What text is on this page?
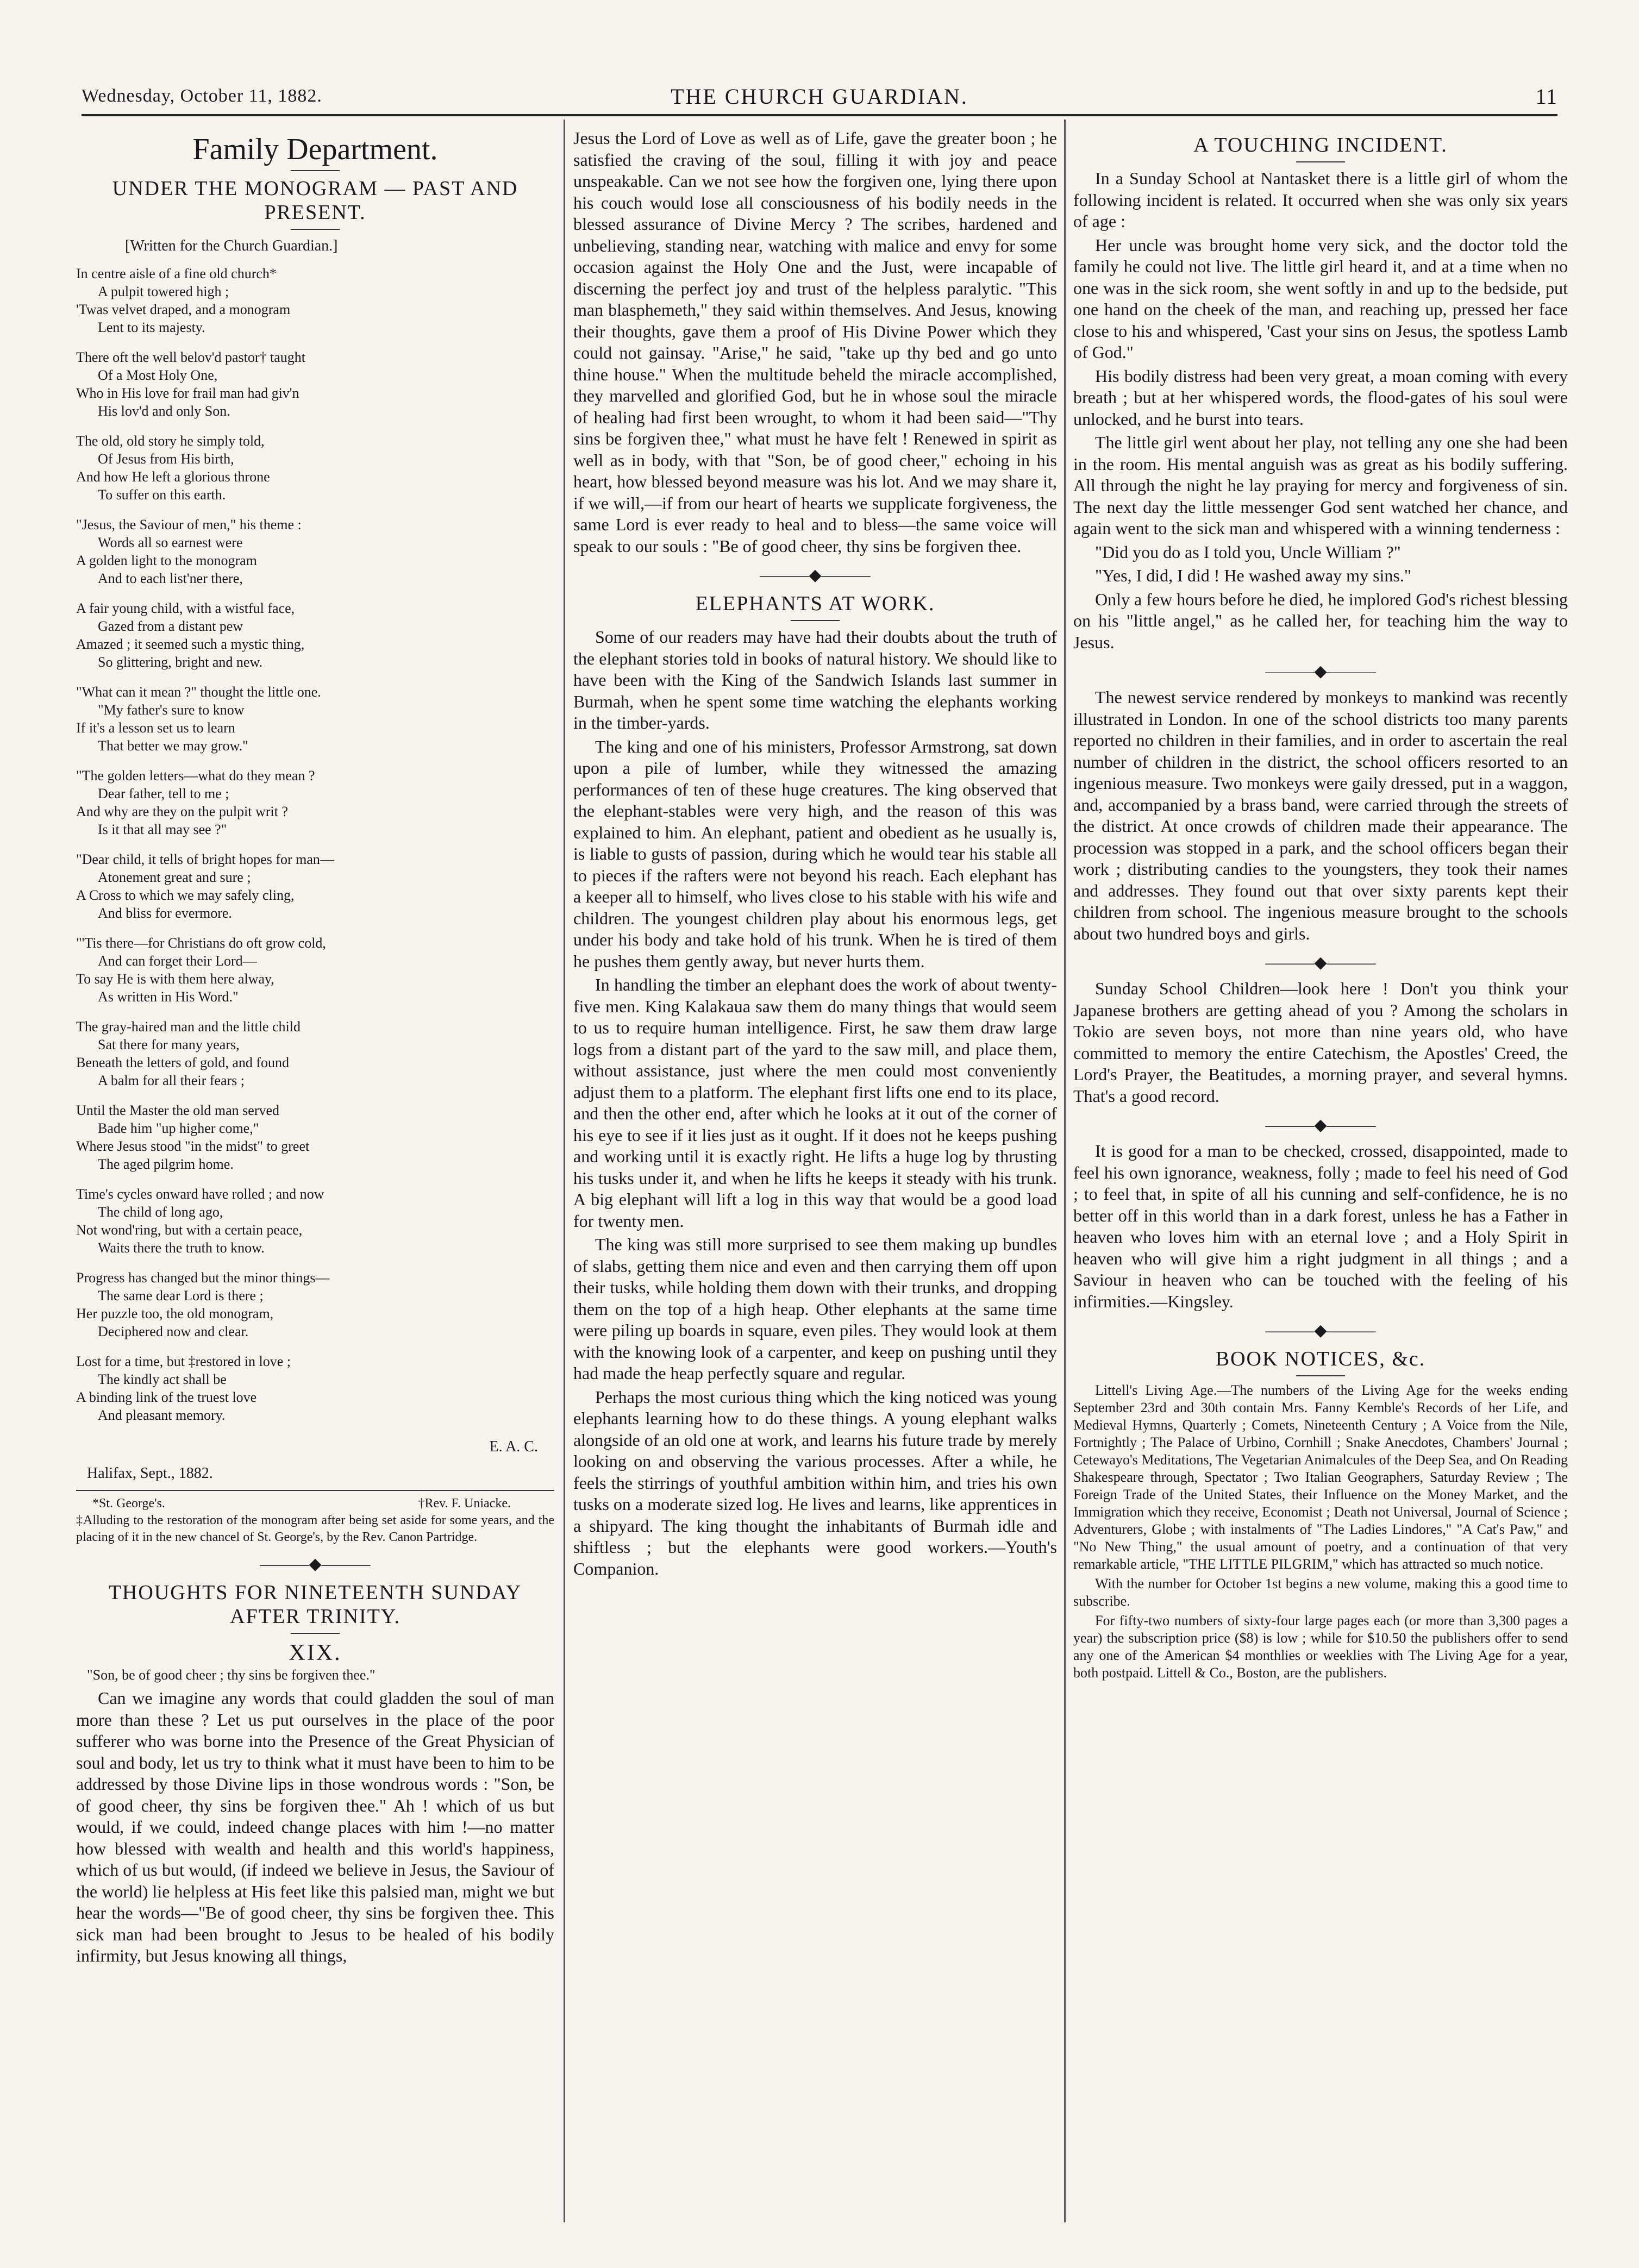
Wednesday, October 11, 1882.	THE CHURCH GUARDIAN.	11
Family Department.
UNDER THE MONOGRAM — PAST AND PRESENT.
[Written for the Church Guardian.]
In centre aisle of a fine old church*
A pulpit towered high ;
'Twas velvet draped, and a monogram
Lent to its majesty.
There oft the well belov'd pastor† taught
Of a Most Holy One,
Who in His love for frail man had giv'n
His lov'd and only Son.
The old, old story he simply told,
Of Jesus from His birth,
And how He left a glorious throne
To suffer on this earth.
"Jesus, the Saviour of men," his theme :
Words all so earnest were
A golden light to the monogram
And to each list'ner there,
A fair young child, with a wistful face,
Gazed from a distant pew
Amazed ; it seemed such a mystic thing,
So glittering, bright and new.
"What can it mean ?" thought the little one.
"My father's sure to know
If it's a lesson set us to learn
That better we may grow."
"The golden letters—what do they mean ?
Dear father, tell to me ;
And why are they on the pulpit writ ?
Is it that all may see ?"
"Dear child, it tells of bright hopes for man—
Atonement great and sure ;
A Cross to which we may safely cling,
And bliss for evermore.
"'Tis there—for Christians do oft grow cold,
And can forget their Lord—
To say He is with them here alway,
As written in His Word."
The gray-haired man and the little child
Sat there for many years,
Beneath the letters of gold, and found
A balm for all their fears ;
Until the Master the old man served
Bade him "up higher come,"
Where Jesus stood "in the midst" to greet
The aged pilgrim home.
Time's cycles onward have rolled ; and now
The child of long ago,
Not wond'ring, but with a certain peace,
Waits there the truth to know.
Progress has changed but the minor things—
The same dear Lord is there ;
Her puzzle too, the old monogram,
Deciphered now and clear.
Lost for a time, but ‡restored in love ;
The kindly act shall be
A binding link of the truest love
And pleasant memory.
E. A. C.
Halifax, Sept., 1882.
*St. George's.	†Rev. F. Uniacke.
‡Alluding to the restoration of the monogram after being set aside for some years, and the placing of it in the new chancel of St. George's, by the Rev. Canon Partridge.
———◆———
THOUGHTS FOR NINETEENTH SUNDAY AFTER TRINITY.
XIX.
"Son, be of good cheer ; thy sins be forgiven thee."

Can we imagine any words that could gladden the soul of man more than these ? Let us put ourselves in the place of the poor sufferer who was borne into the Presence of the Great Physician of soul and body, let us try to think what it must have been to him to be addressed by those Divine lips in those wondrous words : "Son, be of good cheer, thy sins be forgiven thee." Ah ! which of us but would, if we could, indeed change places with him !—no matter how blessed with wealth and health and this world's happiness, which of us but would, (if indeed we believe in Jesus, the Saviour of the world) lie helpless at His feet like this palsied man, might we but hear the words—"Be of good cheer, thy sins be forgiven thee. This sick man had been brought to Jesus to be healed of his bodily infirmity, but Jesus knowing all things,

Jesus the Lord of Love as well as of Life, gave the greater boon ; he satisfied the craving of the soul, filling it with joy and peace unspeakable. Can we not see how the forgiven one, lying there upon his couch would lose all consciousness of his bodily needs in the blessed assurance of Divine Mercy ? The scribes, hardened and unbelieving, standing near, watching with malice and envy for some occasion against the Holy One and the Just, were incapable of discerning the perfect joy and trust of the helpless paralytic. "This man blasphemeth," they said within themselves. And Jesus, knowing their thoughts, gave them a proof of His Divine Power which they could not gainsay. "Arise," he said, "take up thy bed and go unto thine house." When the multitude beheld the miracle accomplished, they marvelled and glorified God, but he in whose soul the miracle of healing had first been wrought, to whom it had been said—"Thy sins be forgiven thee," what must he have felt ! Renewed in spirit as well as in body, with that "Son, be of good cheer," echoing in his heart, how blessed beyond measure was his lot. And we may share it, if we will,—if from our heart of hearts we supplicate forgiveness, the same Lord is ever ready to heal and to bless—the same voice will speak to our souls : "Be of good cheer, thy sins be forgiven thee.

———◆———
ELEPHANTS AT WORK.

Some of our readers may have had their doubts about the truth of the elephant stories told in books of natural history. We should like to have been with the King of the Sandwich Islands last summer in Burmah, when he spent some time watching the elephants working in the timber-yards.

The king and one of his ministers, Professor Armstrong, sat down upon a pile of lumber, while they witnessed the amazing performances of ten of these huge creatures. The king observed that the elephant-stables were very high, and the reason of this was explained to him. An elephant, patient and obedient as he usually is, is liable to gusts of passion, during which he would tear his stable all to pieces if the rafters were not beyond his reach. Each elephant has a keeper all to himself, who lives close to his stable with his wife and children. The youngest children play about his enormous legs, get under his body and take hold of his trunk. When he is tired of them he pushes them gently away, but never hurts them.

In handling the timber an elephant does the work of about twenty-five men. King Kalakaua saw them do many things that would seem to us to require human intelligence. First, he saw them draw large logs from a distant part of the yard to the saw mill, and place them, without assistance, just where the men could most conveniently adjust them to a platform. The elephant first lifts one end to its place, and then the other end, after which he looks at it out of the corner of his eye to see if it lies just as it ought. If it does not he keeps pushing and working until it is exactly right. He lifts a huge log by thrusting his tusks under it, and when he lifts he keeps it steady with his trunk. A big elephant will lift a log in this way that would be a good load for twenty men.

The king was still more surprised to see them making up bundles of slabs, getting them nice and even and then carrying them off upon their tusks, while holding them down with their trunks, and dropping them on the top of a high heap. Other elephants at the same time were piling up boards in square, even piles. They would look at them with the knowing look of a carpenter, and keep on pushing until they had made the heap perfectly square and regular.

Perhaps the most curious thing which the king noticed was young elephants learning how to do these things. A young elephant walks alongside of an old one at work, and learns his future trade by merely looking on and observing the various processes. After a while, he feels the stirrings of youthful ambition within him, and tries his own tusks on a moderate sized log. He lives and learns, like apprentices in a shipyard. The king thought the inhabitants of Burmah idle and shiftless ; but the elephants were good workers.—Youth's Companion.

A TOUCHING INCIDENT.

In a Sunday School at Nantasket there is a little girl of whom the following incident is related. It occurred when she was only six years of age :

Her uncle was brought home very sick, and the doctor told the family he could not live. The little girl heard it, and at a time when no one was in the sick room, she went softly in and up to the bedside, put one hand on the cheek of the man, and reaching up, pressed her face close to his and whispered, 'Cast your sins on Jesus, the spotless Lamb of God."

His bodily distress had been very great, a moan coming with every breath ; but at her whispered words, the flood-gates of his soul were unlocked, and he burst into tears.

The little girl went about her play, not telling any one she had been in the room. His mental anguish was as great as his bodily suffering. All through the night he lay praying for mercy and forgiveness of sin. The next day the little messenger God sent watched her chance, and again went to the sick man and whispered with a winning tenderness :

"Did you do as I told you, Uncle William ?"

"Yes, I did, I did ! He washed away my sins."

Only a few hours before he died, he implored God's richest blessing on his "little angel," as he called her, for teaching him the way to Jesus.

———◆———

The newest service rendered by monkeys to mankind was recently illustrated in London. In one of the school districts too many parents reported no children in their families, and in order to ascertain the real number of children in the district, the school officers resorted to an ingenious measure. Two monkeys were gaily dressed, put in a waggon, and, accompanied by a brass band, were carried through the streets of the district. At once crowds of children made their appearance. The procession was stopped in a park, and the school officers began their work ; distributing candies to the youngsters, they took their names and addresses. They found out that over sixty parents kept their children from school. The ingenious measure brought to the schools about two hundred boys and girls.

———◆———

Sunday School Children—look here ! Don't you think your Japanese brothers are getting ahead of you ? Among the scholars in Tokio are seven boys, not more than nine years old, who have committed to memory the entire Catechism, the Apostles' Creed, the Lord's Prayer, the Beatitudes, a morning prayer, and several hymns. That's a good record.

———◆———

It is good for a man to be checked, crossed, disappointed, made to feel his own ignorance, weakness, folly ; made to feel his need of God ; to feel that, in spite of all his cunning and self-confidence, he is no better off in this world than in a dark forest, unless he has a Father in heaven who loves him with an eternal love ; and a Holy Spirit in heaven who will give him a right judgment in all things ; and a Saviour in heaven who can be touched with the feeling of his infirmities.—Kingsley.

———◆———
BOOK NOTICES, &c.

Littell's Living Age.—The numbers of the Living Age for the weeks ending September 23rd and 30th contain Mrs. Fanny Kemble's Records of her Life, and Medieval Hymns, Quarterly ; Comets, Nineteenth Century ; A Voice from the Nile, Fortnightly ; The Palace of Urbino, Cornhill ; Snake Anecdotes, Chambers' Journal ; Cetewayo's Meditations, The Vegetarian Animalcules of the Deep Sea, and On Reading Shakespeare through, Spectator ; Two Italian Geographers, Saturday Review ; The Foreign Trade of the United States, their Influence on the Money Market, and the Immigration which they receive, Economist ; Death not Universal, Journal of Science ; Adventurers, Globe ; with instalments of "The Ladies Lindores," "A Cat's Paw," and "No New Thing," the usual amount of poetry, and a continuation of that very remarkable article, "THE LITTLE PILGRIM," which has attracted so much notice.

With the number for October 1st begins a new volume, making this a good time to subscribe.

For fifty-two numbers of sixty-four large pages each (or more than 3,300 pages a year) the subscription price ($8) is low ; while for $10.50 the publishers offer to send any one of the American $4 monthlies or weeklies with The Living Age for a year, both postpaid. Littell & Co., Boston, are the publishers.
